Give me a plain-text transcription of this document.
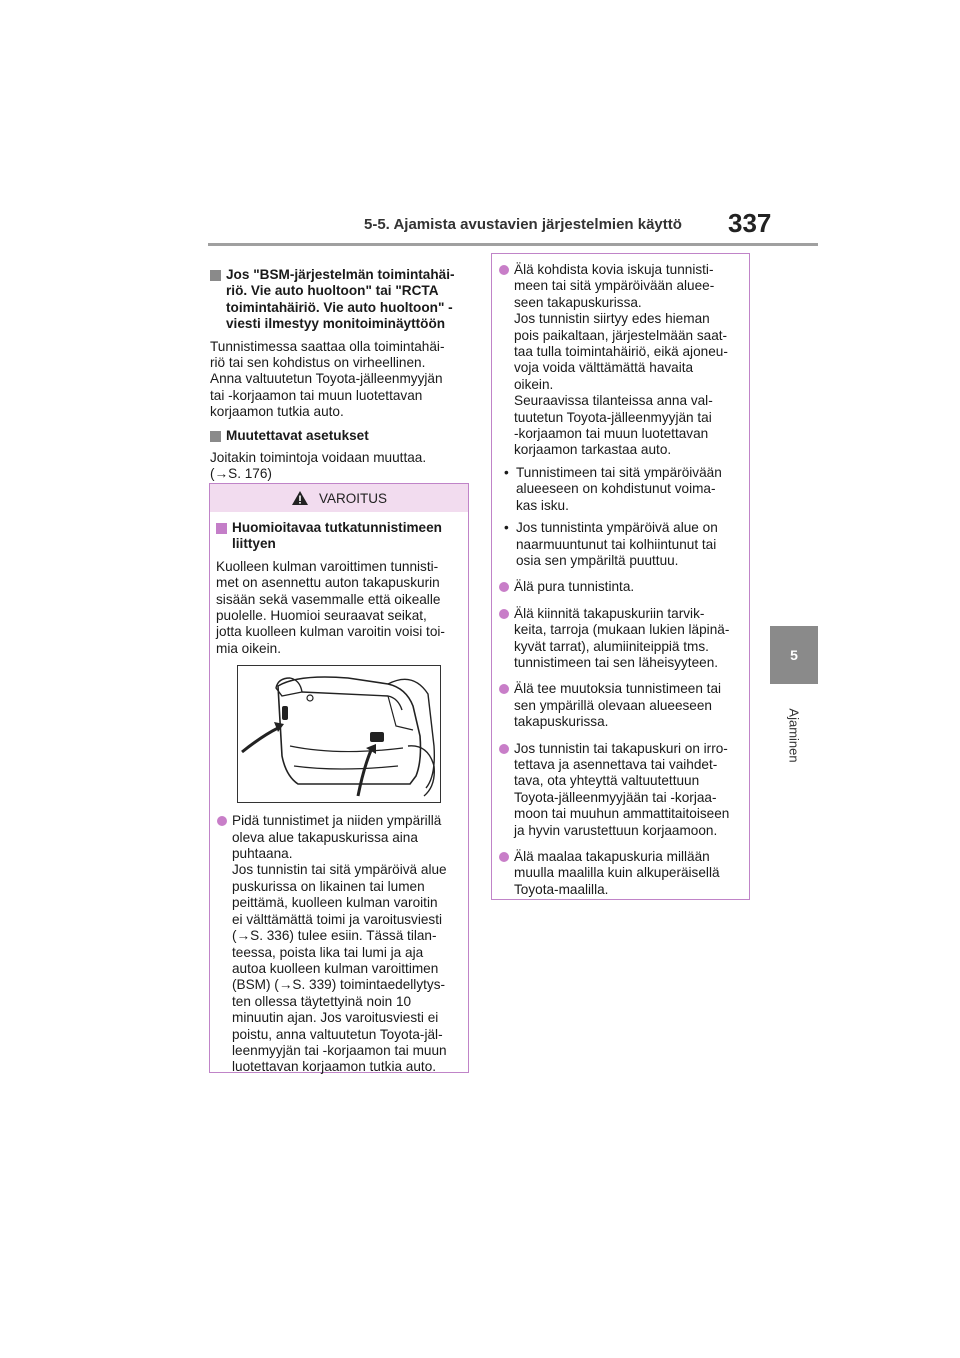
5-5. Ajamista avustavien järjestelmien käyttö	337
5
Ajaminen
Jos "BSM-järjestelmän toimintahäi-
riö. Vie auto huoltoon" tai "RCTA
toimintahäiriö. Vie auto huoltoon" -
viesti ilmestyy monitoiminäyttöön

Tunnistimessa saattaa olla toimintahäi-
riö tai sen kohdistus on virheellinen.
Anna valtuutetun Toyota-jälleenmyyjän
tai -korjaamon tai muun luotettavan
korjaamon tutkia auto.

Muutettavat asetukset

Joitakin toimintoja voidaan muuttaa.
(→S. 176)

VAROITUS
Huomioitavaa tutkatunnistimeen
liittyen

Kuolleen kulman varoittimen tunnisti-
met on asennettu auton takapuskurin
sisään sekä vasemmalle että oikealle
puolelle. Huomioi seuraavat seikat,
jotta kuolleen kulman varoitin voisi toi-
mia oikein.

Pidä tunnistimet ja niiden ympärillä
oleva alue takapuskurissa aina
puhtaana.
Jos tunnistin tai sitä ympäröivä alue
puskurissa on likainen tai lumen
peittämä, kuolleen kulman varoitin
ei välttämättä toimi ja varoitusviesti
(→S. 336) tulee esiin. Tässä tilan-
teessa, poista lika tai lumi ja aja
autoa kuolleen kulman varoittimen
(BSM) (→S. 339) toimintaedellytys-
ten ollessa täytettyinä noin 10
minuutin ajan. Jos varoitusviesti ei
poistu, anna valtuutetun Toyota-jäl-
leenmyyjän tai -korjaamon tai muun
luotettavan korjaamon tutkia auto.
Älä kohdista kovia iskuja tunnisti-
meen tai sitä ympäröivään aluee-
seen takapuskurissa.
Jos tunnistin siirtyy edes hieman
pois paikaltaan, järjestelmään saat-
taa tulla toimintahäiriö, eikä ajoneu-
voja voida välttämättä havaita
oikein.
Seuraavissa tilanteissa anna val-
tuutetun Toyota-jälleenmyyjän tai
-korjaamon tai muun luotettavan
korjaamon tarkastaa auto.
• Tunnistimeen tai sitä ympäröivään
alueeseen on kohdistunut voima-
kas isku.
• Jos tunnistinta ympäröivä alue on
naarmuuntunut tai kolhiintunut tai
osia sen ympäriltä puuttuu.
Älä pura tunnistinta.
Älä kiinnitä takapuskuriin tarvik-
keita, tarroja (mukaan lukien läpinä-
kyvät tarrat), alumiiniteippiä tms.
tunnistimeen tai sen läheisyyteen.
Älä tee muutoksia tunnistimeen tai
sen ympärillä olevaan alueeseen
takapuskurissa.
Jos tunnistin tai takapuskuri on irro-
tettava ja asennettava tai vaihdet-
tava, ota yhteyttä valtuutettuun
Toyota-jälleenmyyjään tai -korjaa-
moon tai muuhun ammattitaitoiseen
ja hyvin varustettuun korjaamoon.
Älä maalaa takapuskuria millään
muulla maalilla kuin alkuperäisellä
Toyota-maalilla.
